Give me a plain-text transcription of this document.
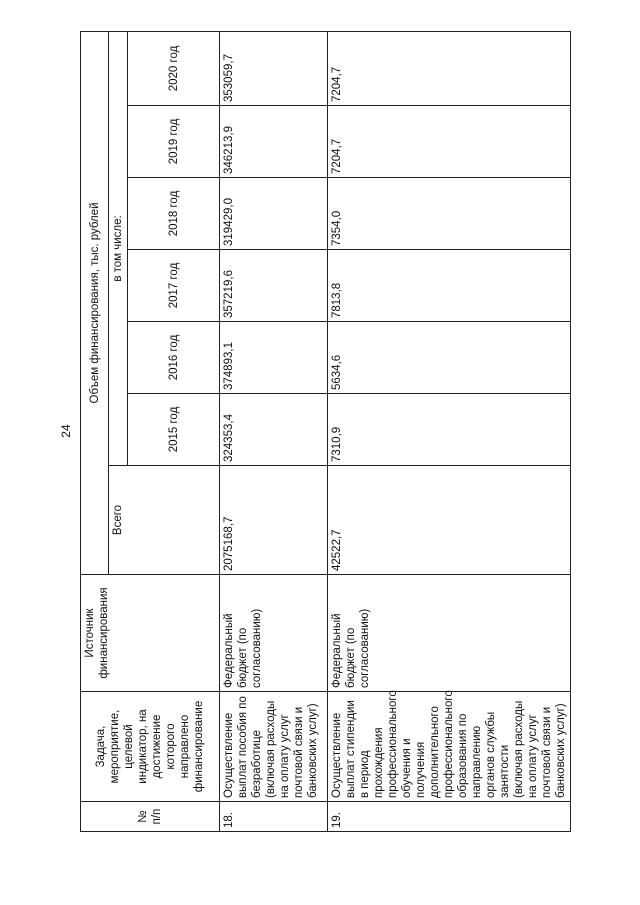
24
№ п/п	Задача, мероприятие, целевой индикатор, на достижение которого направлено финансирование	Источник финансирования	Объем финансирования, тыс. рублей						
			Всего	в том числе:					
				2015 год	2016 год	2017 год	2018 год	2019 год	2020 год
18.	Осуществление выплат пособия по безработице (включая расходы на оплату услуг почтовой связи и банковских услуг)	Федеральный бюджет (по согласованию)	2075168,7	324353,4	374893,1	357219,6	319429,0	346213,9	353059,7
19.	Осуществление выплат стипендии в период прохождения профессионального обучения и получения дополнительного профессионального образования по направлению органов службы занятости (включая расходы на оплату услуг почтовой связи и банковских услуг)	Федеральный бюджет (по согласованию)	42522,7	7310,9	5634,6	7813,8	7354,0	7204,7	7204,7
